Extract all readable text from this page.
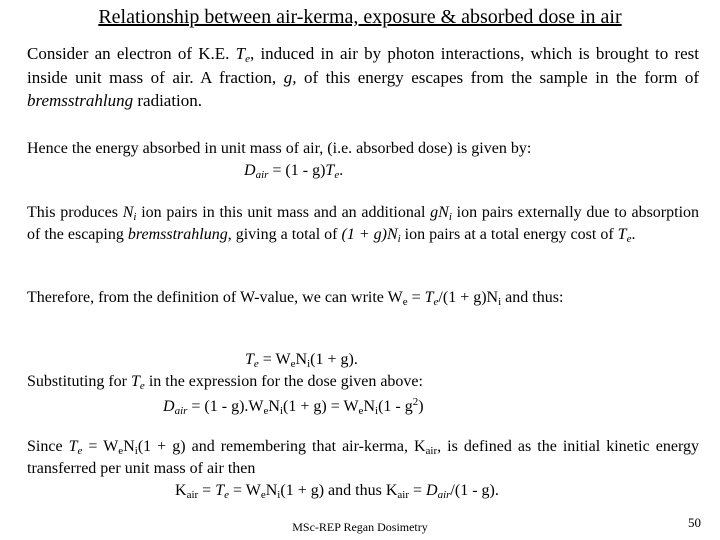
Relationship between air-kerma, exposure & absorbed dose in air
Consider an electron of K.E. $T_e$, induced in air by photon interactions, which is brought to rest inside unit mass of air. A fraction, g, of this energy escapes from the sample in the form of bremsstrahlung radiation.
Hence the energy absorbed in unit mass of air, (i.e. absorbed dose) is given by:
$D_{air} = (1 - g)T_e$.
This produces $N_i$ ion pairs in this unit mass and an additional $gN_i$ ion pairs externally due to absorption of the escaping bremsstrahlung, giving a total of $(1 + g)N_i$ ion pairs at a total energy cost of $T_e$.
Therefore, from the definition of W-value, we can write $W_e = T_e/(1 + g)N_i$ and thus:
$T_e = W_eN_i(1 + g)$.
Substituting for $T_e$ in the expression for the dose given above:
$D_{air} = (1 - g).W_eN_i(1 + g) = W_eN_i(1 - g^2)$
Since $T_e = W_eN_i(1 + g)$ and remembering that air-kerma, $K_{air}$, is defined as the initial kinetic energy transferred per unit mass of air then
$K_{air} = T_e = W_eN_i(1 + g)$ and thus $K_{air} = D_{air}/(1 - g)$.
MSc-REP Regan Dosimetry	50
